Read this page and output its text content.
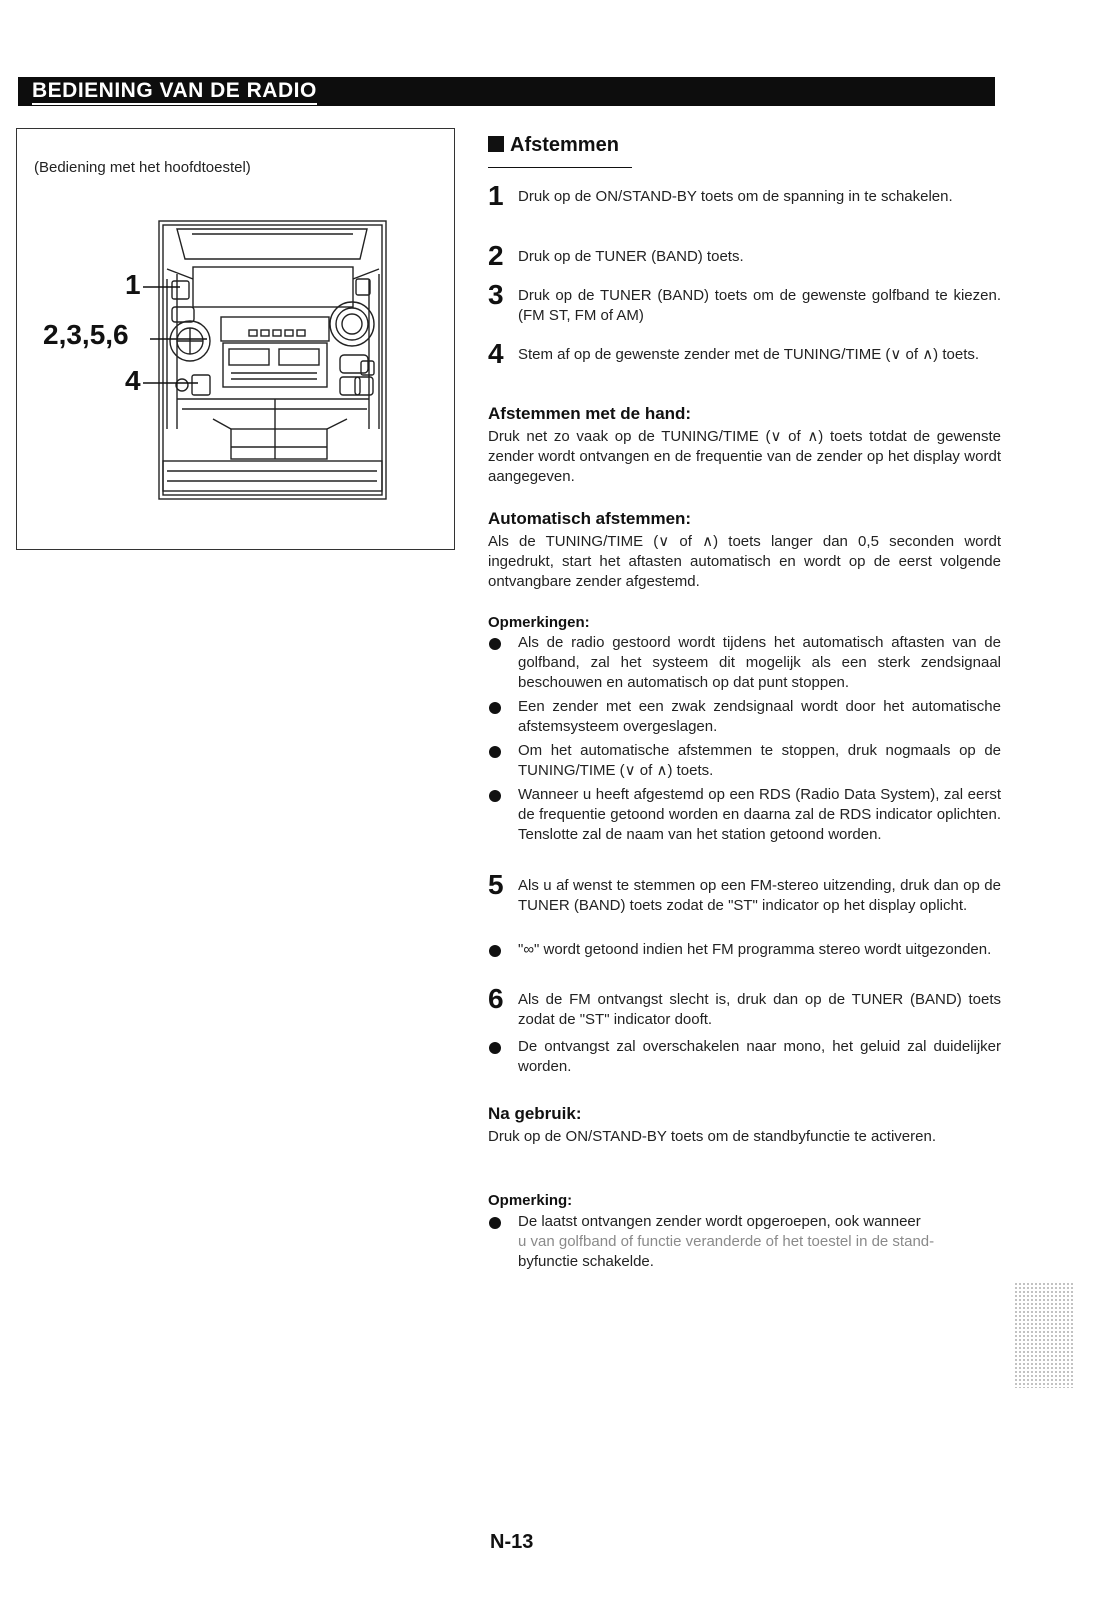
BEDIENING VAN DE RADIO
(Bediening met het hoofdtoestel)
1
2,3,5,6
4
Afstemmen
1 Druk op de ON/STAND-BY toets om de spanning in te schakelen.
2 Druk op de TUNER (BAND) toets.
3 Druk op de TUNER (BAND) toets om de gewenste golfband te kiezen. (FM ST, FM of AM)
4 Stem af op de gewenste zender met de TUNING/TIME (∨ of ∧) toets.
Afstemmen met de hand:
Druk net zo vaak op de TUNING/TIME (∨ of ∧) toets totdat de gewenste zender wordt ontvangen en de frequentie van de zender op het display wordt aangegeven.
Automatisch afstemmen:
Als de TUNING/TIME (∨ of ∧) toets langer dan 0,5 seconden wordt ingedrukt, start het aftasten automatisch en wordt op de eerst volgende ontvangbare zender afgestemd.
Opmerkingen:
Als de radio gestoord wordt tijdens het automatisch aftasten van de golfband, zal het systeem dit mogelijk als een sterk zendsignaal beschouwen en automatisch op dat punt stoppen.
Een zender met een zwak zendsignaal wordt door het automatische afstemsysteem overgeslagen.
Om het automatische afstemmen te stoppen, druk nogmaals op de TUNING/TIME (∨ of ∧) toets.
Wanneer u heeft afgestemd op een RDS (Radio Data System), zal eerst de frequentie getoond worden en daarna zal de RDS indicator oplichten. Tenslotte zal de naam van het station getoond worden.
5 Als u af wenst te stemmen op een FM-stereo uitzending, druk dan op de TUNER (BAND) toets zodat de "ST" indicator op het display oplicht.
"∞" wordt getoond indien het FM programma stereo wordt uitgezonden.
6 Als de FM ontvangst slecht is, druk dan op de TUNER (BAND) toets zodat de "ST" indicator dooft.
De ontvangst zal overschakelen naar mono, het geluid zal duidelijker worden.
Na gebruik:
Druk op de ON/STAND-BY toets om de standbyfunctie te activeren.
Opmerking:
De laatst ontvangen zender wordt opgeroepen, ook wanneer
u van golfband of functie veranderde of het toestel in de stand-
byfunctie schakelde.
N-13
